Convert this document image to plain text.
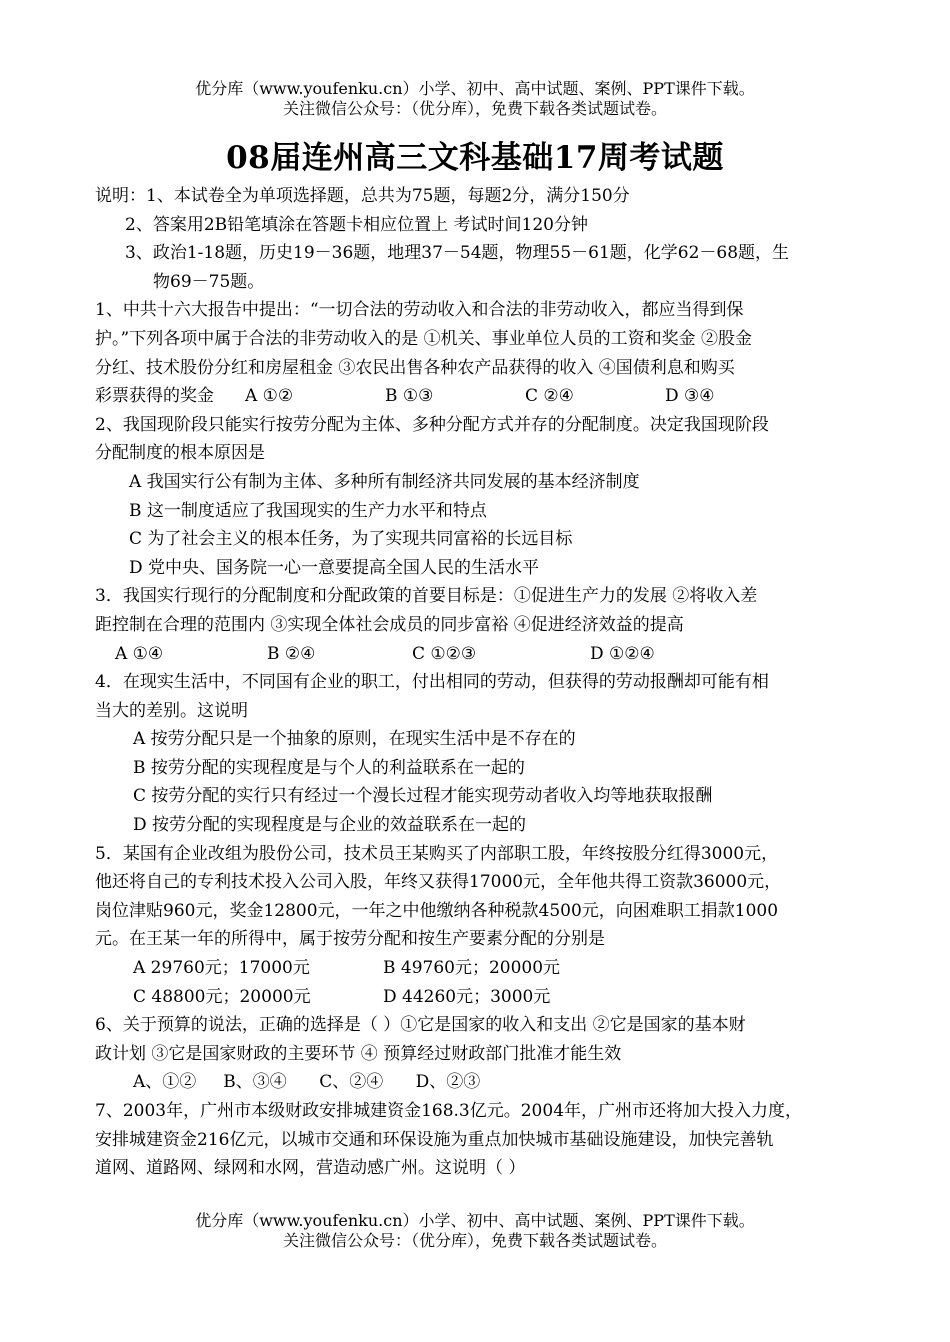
优分库（www.youfenku.cn）小学、初中、高中试题、案例、PPT课件下载。
关注微信公众号：（优分库），免费下载各类试题试卷。
08届连州高三文科基础17周考试题
说明：1、本试卷全为单项选择题，总共为75题，每题2分，满分150分
2、答案用2B铅笔填涂在答题卡相应位置上 考试时间120分钟
3、政治1-18题，历史19－36题，地理37－54题，物理55－61题，化学62－68题，生
物69－75题。
1、中共十六大报告中提出：“一切合法的劳动收入和合法的非劳动收入，都应当得到保
护。”下列各项中属于合法的非劳动收入的是 ①机关、事业单位人员的工资和奖金 ②股金
分红、技术股份分红和房屋租金 ③农民出售各种农产品获得的收入 ④国债利息和购买
彩票获得的奖金 A ①②	B ①③	C ②④	D ③④
2、我国现阶段只能实行按劳分配为主体、多种分配方式并存的分配制度。决定我国现阶段
分配制度的根本原因是
A 我国实行公有制为主体、多种所有制经济共同发展的基本经济制度
B 这一制度适应了我国现实的生产力水平和特点
C 为了社会主义的根本任务，为了实现共同富裕的长远目标
D 党中央、国务院一心一意要提高全国人民的生活水平
3．我国实行现行的分配制度和分配政策的首要目标是：①促进生产力的发展 ②将收入差
距控制在合理的范围内 ③实现全体社会成员的同步富裕 ④促进经济效益的提高
A ①④	B ②④	C ①②③	D ①②④
4．在现实生活中，不同国有企业的职工，付出相同的劳动，但获得的劳动报酬却可能有相
当大的差别。这说明
A 按劳分配只是一个抽象的原则，在现实生活中是不存在的
B 按劳分配的实现程度是与个人的利益联系在一起的
C 按劳分配的实行只有经过一个漫长过程才能实现劳动者收入均等地获取报酬
D 按劳分配的实现程度是与企业的效益联系在一起的
5．某国有企业改组为股份公司，技术员王某购买了内部职工股，年终按股分红得3000元，
他还将自己的专利技术投入公司入股，年终又获得17000元，全年他共得工资款36000元，
岗位津贴960元，奖金12800元，一年之中他缴纳各种税款4500元，向困难职工捐款1000
元。在王某一年的所得中，属于按劳分配和按生产要素分配的分别是
A 29760元；17000元	B 49760元；20000元
C 48800元；20000元	D 44260元；3000元
6、关于预算的说法，正确的选择是（ ）①它是国家的收入和支出 ②它是国家的基本财
政计划 ③它是国家财政的主要环节 ④ 预算经过财政部门批准才能生效
A、①②     B、③④      C、②④      D、②③
7、2003年，广州市本级财政安排城建资金168.3亿元。2004年，广州市还将加大投入力度，
安排城建资金216亿元，以城市交通和环保设施为重点加快城市基础设施建设，加快完善轨
道网、道路网、绿网和水网，营造动感广州。这说明（ ）
优分库（www.youfenku.cn）小学、初中、高中试题、案例、PPT课件下载。
关注微信公众号：（优分库），免费下载各类试题试卷。
